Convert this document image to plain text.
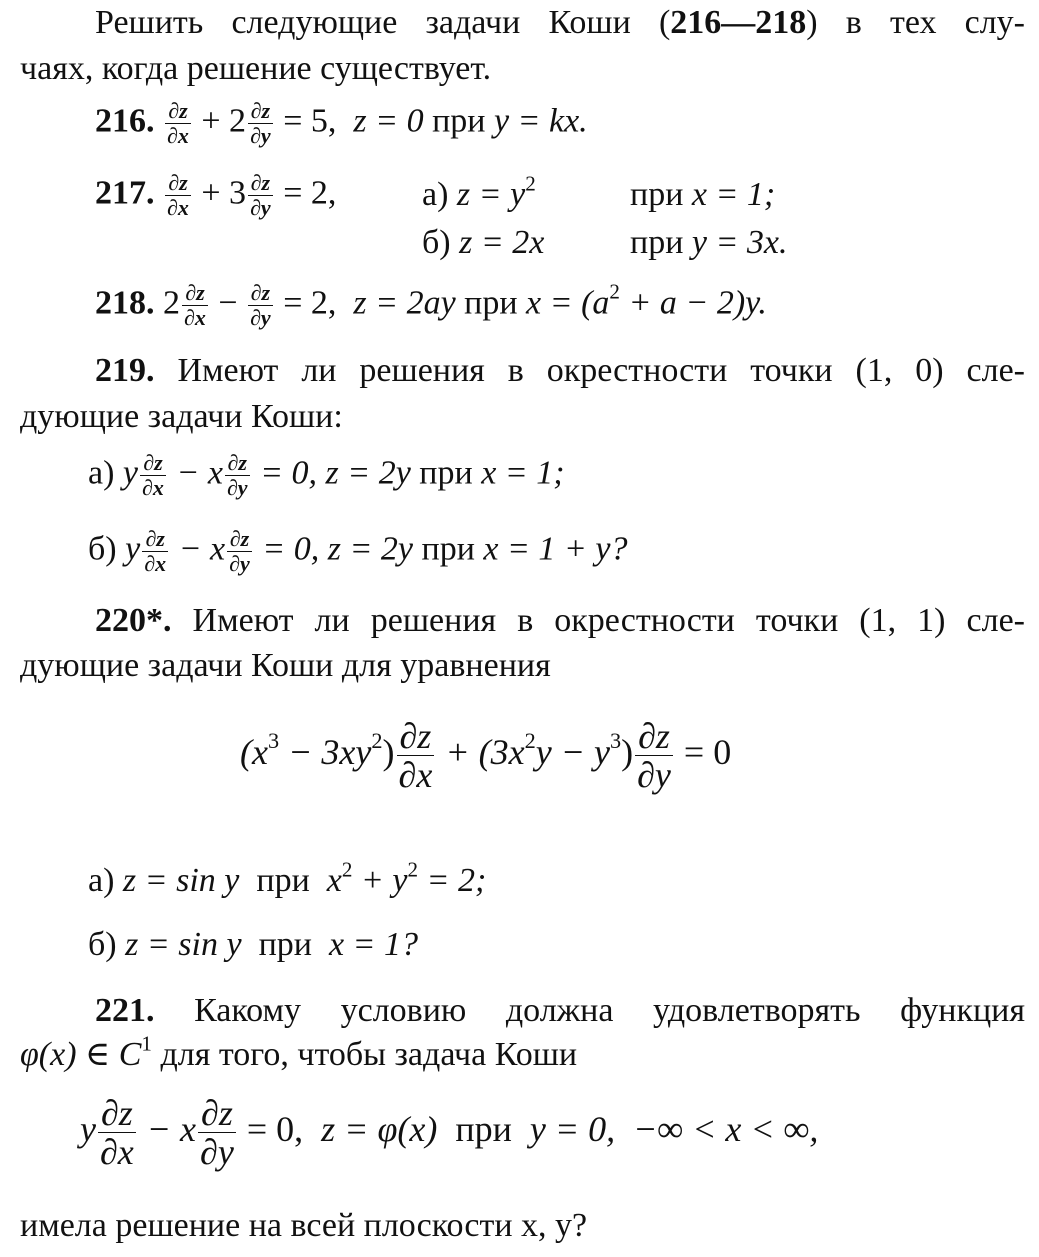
Решить следующие задачи Коши (216—218) в тех слу-
чаях, когда решение существует.
216. $\frac{\partial z}{\partial x} + 2 \frac{\partial z}{\partial y} = 5$, z = 0 при y = kx.
217. $\frac{\partial z}{\partial x} + 3 \frac{\partial z}{\partial y} = 2$,	а) $z = y^2$	при x = 1;
б) z = 2x	при y = 3x.
218. $2 \frac{\partial z}{\partial x} - \frac{\partial z}{\partial y} = 2$, z = 2ay при $x = (a^2 + a - 2)y$.
219. Имеют ли решения в окрестности точки (1, 0) сле-
дующие задачи Коши:
а) y $\frac{\partial z}{\partial x} - x \frac{\partial z}{\partial y} = 0$, z = 2y при x = 1;
б) y $\frac{\partial z}{\partial x} - x \frac{\partial z}{\partial y} = 0$, z = 2y при x = 1 + y?
220*. Имеют ли решения в окрестности точки (1, 1) сле-
дующие задачи Коши для уравнения
$(x^3 - 3xy^2) \frac{\partial z}{\partial x} + (3x^2y - y^3) \frac{\partial z}{\partial y} = 0$
а) z = sin y при $x^2 + y^2 = 2$;
б) z = sin y при x = 1?
221. Какому условию должна удовлетворять функция
φ(x) ∈ $C^1$ для того, чтобы задача Коши
y $\frac{\partial z}{\partial x} - x \frac{\partial z}{\partial y} = 0$, z = φ(x) при y = 0, −∞ < x < ∞,
имела решение на всей плоскости x, y?
